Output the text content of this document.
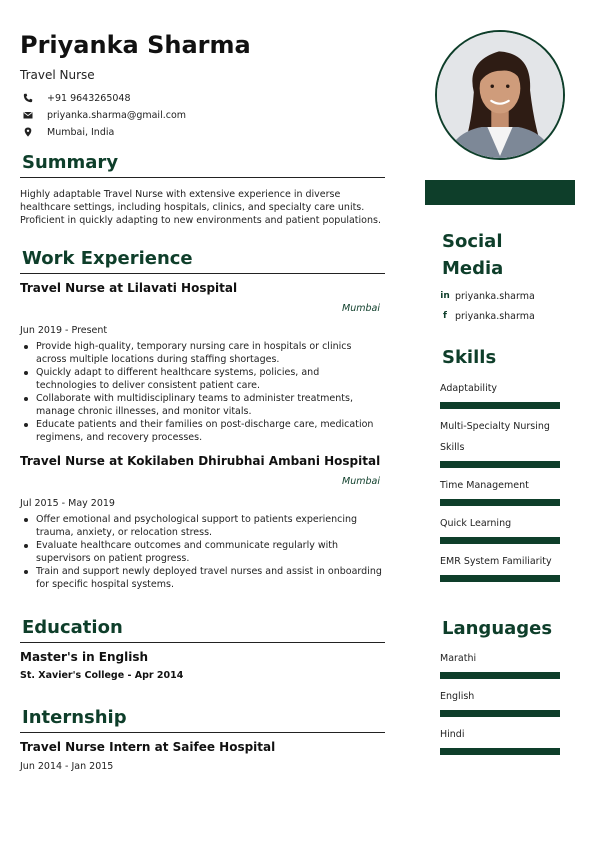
Priyanka Sharma
Travel Nurse
+91 9643265048
priyanka.sharma@gmail.com
Mumbai, India
Summary
Highly adaptable Travel Nurse with extensive experience in diverse healthcare settings, including hospitals, clinics, and specialty care units. Proficient in quickly adapting to new environments and patient populations.
Work Experience
Travel Nurse at Lilavati Hospital
Mumbai
Jun 2019 - Present
Provide high-quality, temporary nursing care in hospitals or clinics across multiple locations during staffing shortages.
Quickly adapt to different healthcare systems, policies, and technologies to deliver consistent patient care.
Collaborate with multidisciplinary teams to administer treatments, manage chronic illnesses, and monitor vitals.
Educate patients and their families on post-discharge care, medication regimens, and recovery processes.
Travel Nurse at Kokilaben Dhirubhai Ambani Hospital
Mumbai
Jul 2015 - May 2019
Offer emotional and psychological support to patients experiencing trauma, anxiety, or relocation stress.
Evaluate healthcare outcomes and communicate regularly with supervisors on patient progress.
Train and support newly deployed travel nurses and assist in onboarding for specific hospital systems.
Education
Master's in English
St. Xavier's College - Apr 2014
Internship
Travel Nurse Intern at Saifee Hospital
Jun 2014 - Jan 2015
Social Media
in priyanka.sharma
f priyanka.sharma
Skills
Adaptability
Multi-Specialty Nursing Skills
Time Management
Quick Learning
EMR System Familiarity
Languages
Marathi
English
Hindi
